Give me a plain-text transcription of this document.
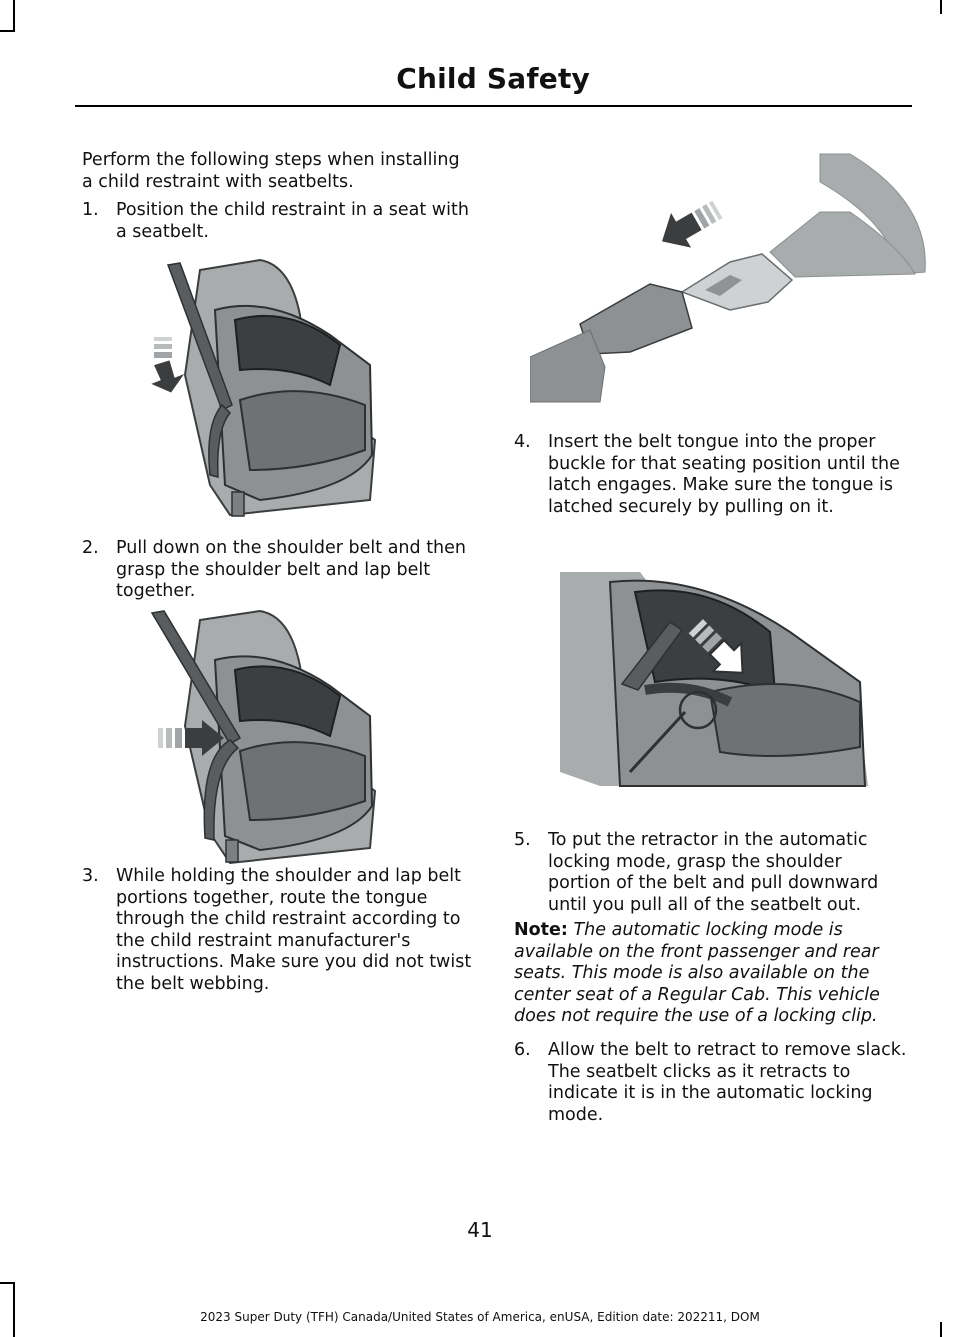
Child Safety
Perform the following steps when installing a child restraint with seatbelts.
1. Position the child restraint in a seat with a seatbelt.
2. Pull down on the shoulder belt and then grasp the shoulder belt and lap belt together.
3. While holding the shoulder and lap belt portions together, route the tongue through the child restraint according to the child restraint manufacturer's instructions. Make sure you did not twist the belt webbing.
4. Insert the belt tongue into the proper buckle for that seating position until the latch engages. Make sure the tongue is latched securely by pulling on it.
5. To put the retractor in the automatic locking mode, grasp the shoulder portion of the belt and pull downward until you pull all of the seatbelt out.
Note: The automatic locking mode is available on the front passenger and rear seats. This mode is also available on the center seat of a Regular Cab. This vehicle does not require the use of a locking clip.
6. Allow the belt to retract to remove slack. The seatbelt clicks as it retracts to indicate it is in the automatic locking mode.
41
2023 Super Duty (TFH) Canada/United States of America, enUSA, Edition date: 202211, DOM
